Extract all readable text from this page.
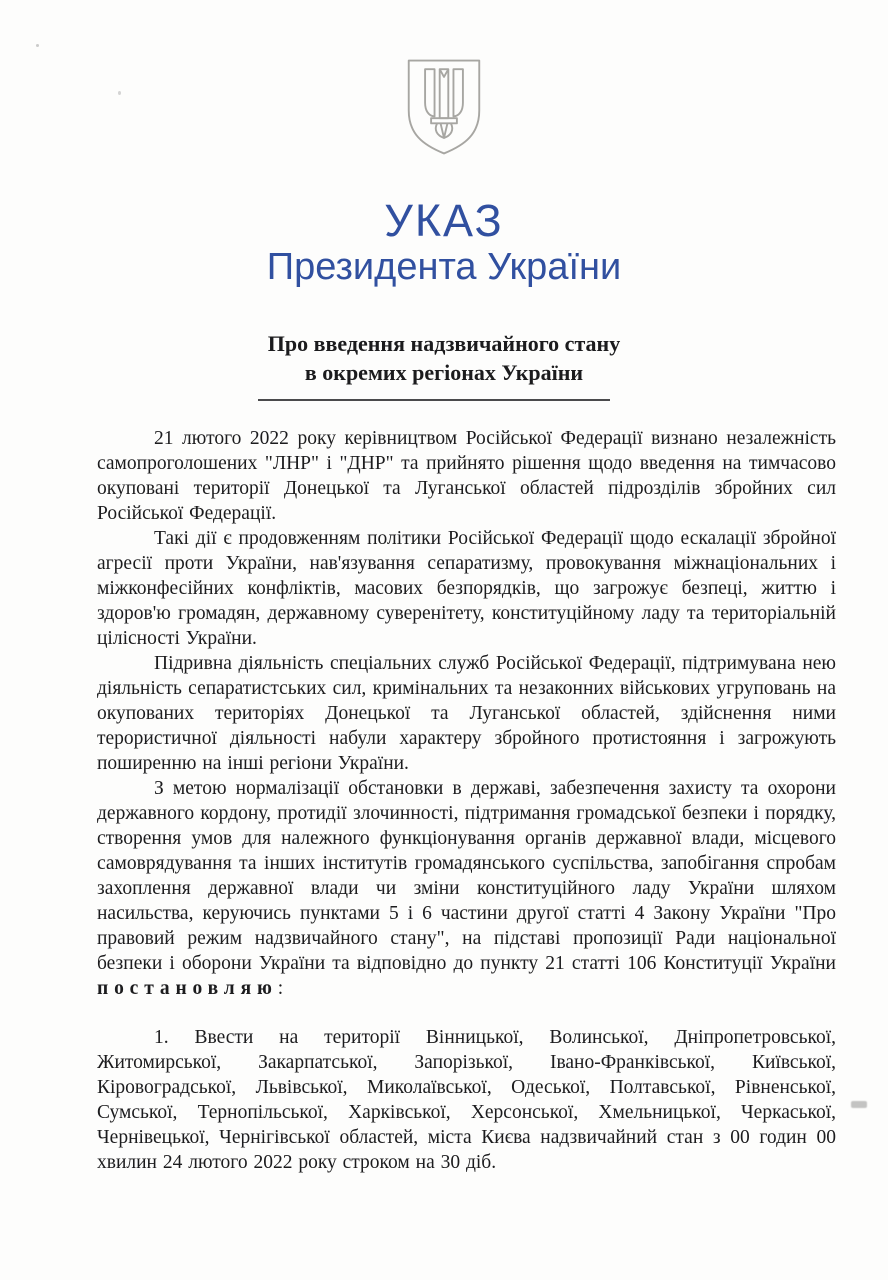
УКАЗ
Президента України
Про введення надзвичайного стану
в окремих регіонах України

21 лютого 2022 року керівництвом Російської Федерації визнано незалежність самопроголошених "ЛНР" і "ДНР" та прийнято рішення щодо введення на тимчасово окуповані території Донецької та Луганської областей підрозділів збройних сил Російської Федерації.

Такі дії є продовженням політики Російської Федерації щодо ескалації збройної агресії проти України, нав'язування сепаратизму, провокування міжнаціональних і міжконфесійних конфліктів, масових безпорядків, що загрожує безпеці, життю і здоров'ю громадян, державному суверенітету, конституційному ладу та територіальній цілісності України.

Підривна діяльність спеціальних служб Російської Федерації, підтримувана нею діяльність сепаратистських сил, кримінальних та незаконних військових угруповань на окупованих територіях Донецької та Луганської областей, здійснення ними терористичної діяльності набули характеру збройного протистояння і загрожують поширенню на інші регіони України.

З метою нормалізації обстановки в державі, забезпечення захисту та охорони державного кордону, протидії злочинності, підтримання громадської безпеки і порядку, створення умов для належного функціонування органів державної влади, місцевого самоврядування та інших інститутів громадянського суспільства, запобігання спробам захоплення державної влади чи зміни конституційного ладу України шляхом насильства, керуючись пунктами 5 і 6 частини другої статті 4 Закону України "Про правовий режим надзвичайного стану", на підставі пропозиції Ради національної безпеки і оборони України та відповідно до пункту 21 статті 106 Конституції України постановляю:

1. Ввести на території Вінницької, Волинської, Дніпропетровської, Житомирської, Закарпатської, Запорізької, Івано-Франківської, Київської, Кіровоградської, Львівської, Миколаївської, Одеської, Полтавської, Рівненської, Сумської, Тернопільської, Харківської, Херсонської, Хмельницької, Черкаської, Чернівецької, Чернігівської областей, міста Києва надзвичайний стан з 00 годин 00 хвилин 24 лютого 2022 року строком на 30 діб.
